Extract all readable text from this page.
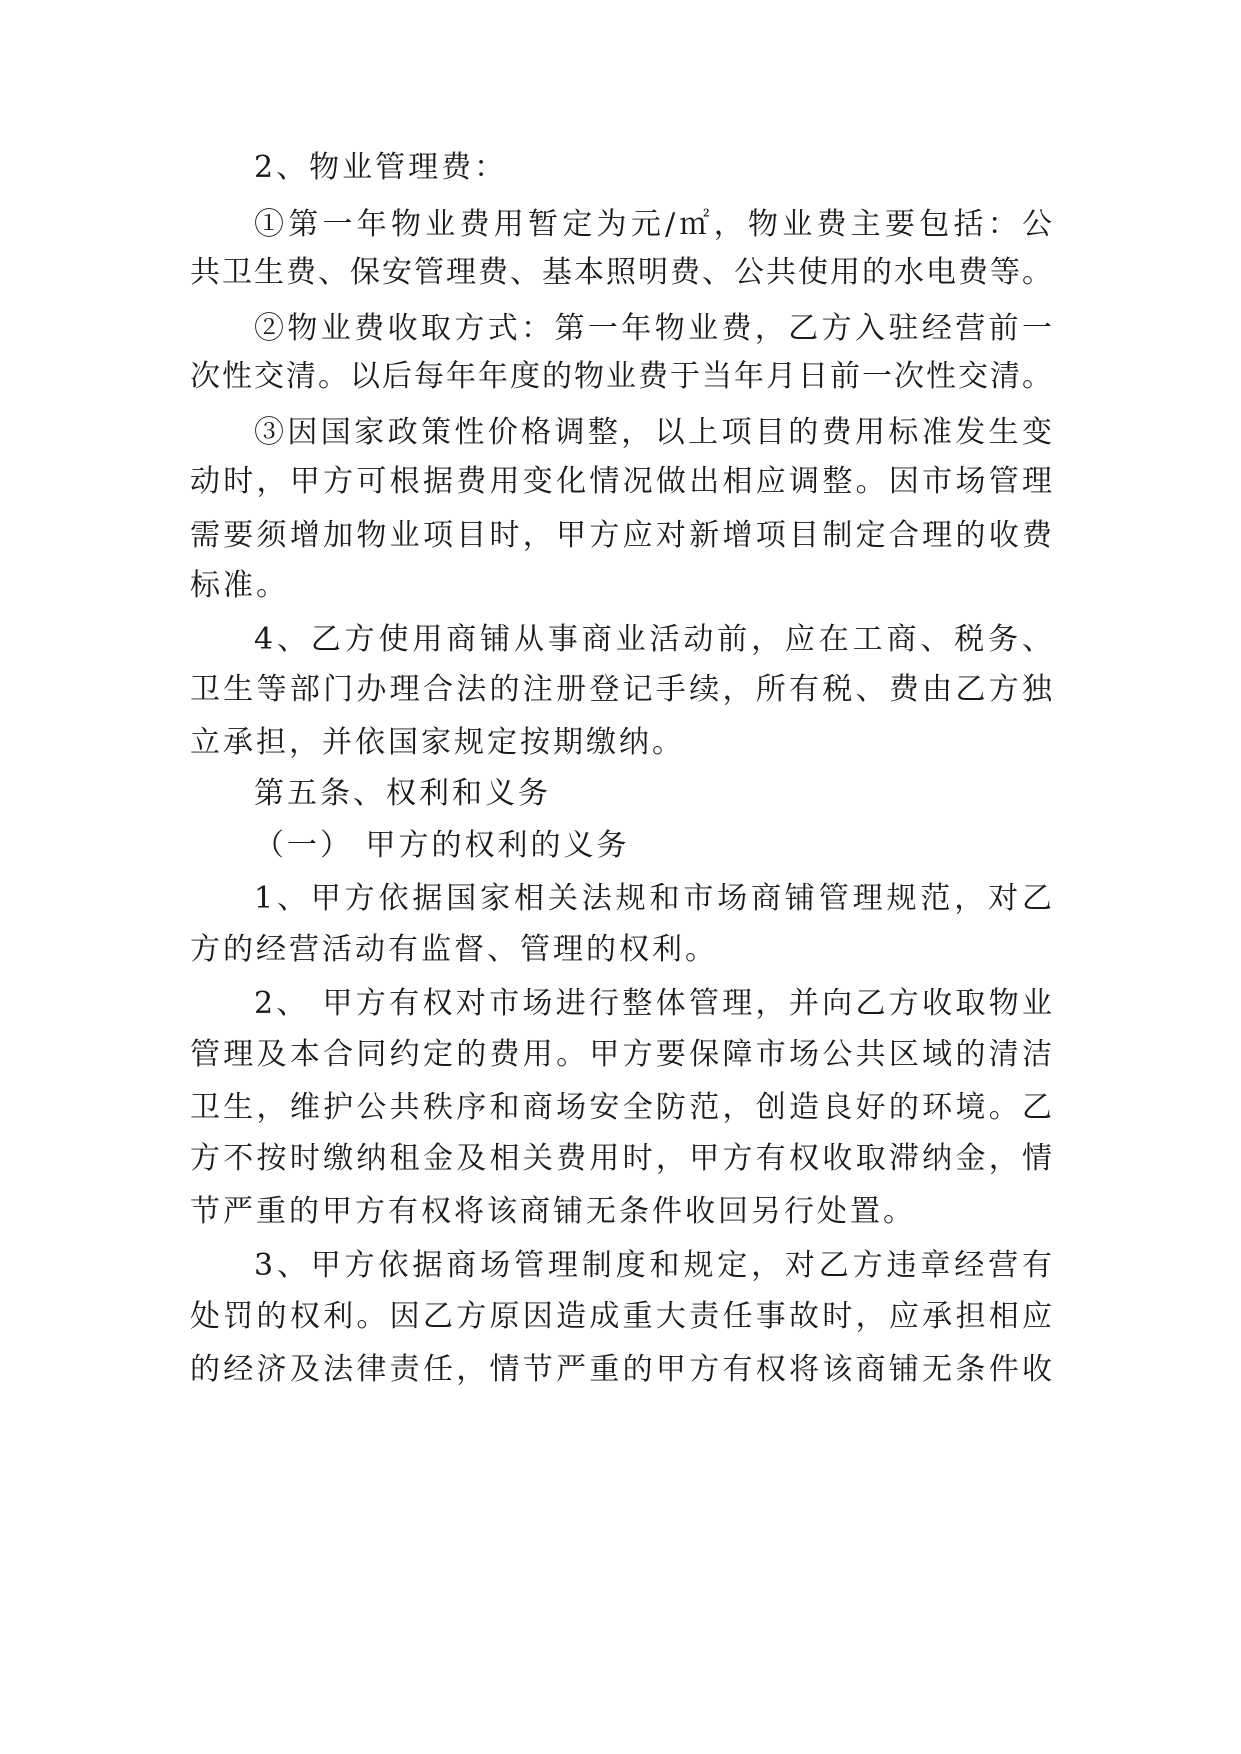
2、物业管理费：
①第一年物业费用暂定为元/㎡，物业费主要包括：公
共卫生费、保安管理费、基本照明费、公共使用的水电费等。
②物业费收取方式：第一年物业费，乙方入驻经营前一
次性交清。以后每年年度的物业费于当年月日前一次性交清。
③因国家政策性价格调整，以上项目的费用标准发生变
动时，甲方可根据费用变化情况做出相应调整。因市场管理
需要须增加物业项目时，甲方应对新增项目制定合理的收费
标准。
4、乙方使用商铺从事商业活动前，应在工商、税务、
卫生等部门办理合法的注册登记手续，所有税、费由乙方独
立承担，并依国家规定按期缴纳。
第五条、权利和义务
（一） 甲方的权利的义务
1、甲方依据国家相关法规和市场商铺管理规范，对乙
方的经营活动有监督、管理的权利。
2、 甲方有权对市场进行整体管理，并向乙方收取物业
管理及本合同约定的费用。甲方要保障市场公共区域的清洁
卫生，维护公共秩序和商场安全防范，创造良好的环境。乙
方不按时缴纳租金及相关费用时，甲方有权收取滞纳金，情
节严重的甲方有权将该商铺无条件收回另行处置。
3、甲方依据商场管理制度和规定，对乙方违章经营有
处罚的权利。因乙方原因造成重大责任事故时，应承担相应
的经济及法律责任，情节严重的甲方有权将该商铺无条件收
